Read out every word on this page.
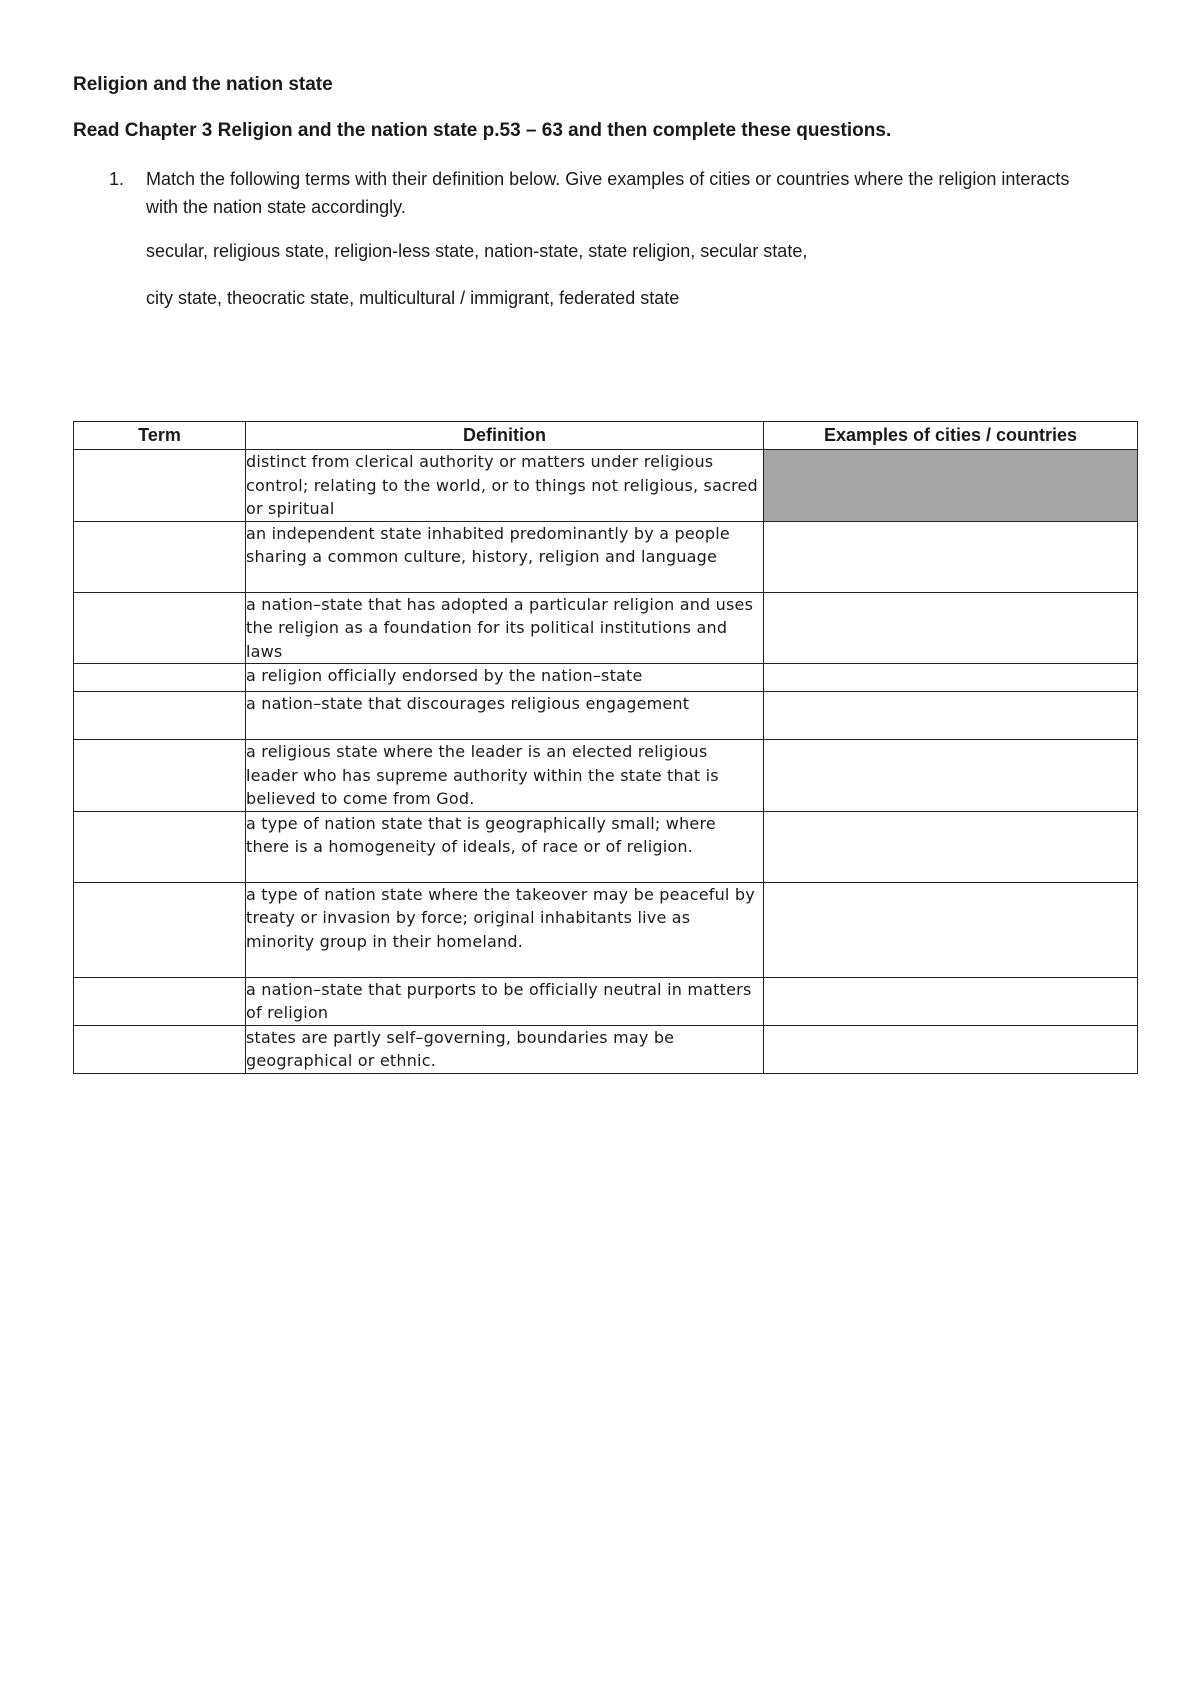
Religion and the nation state
Read Chapter 3 Religion and the nation state p.53 – 63 and then complete these questions.
1. Match the following terms with their definition below. Give examples of cities or countries where the religion interacts with the nation state accordingly.
secular, religious state, religion-less state, nation-state, state religion, secular state,
city state, theocratic state, multicultural / immigrant, federated state
Term	Definition	Examples of cities / countries
	distinct from clerical authority or matters under religious control; relating to the world, or to things not religious, sacred or spiritual	
	an independent state inhabited predominantly by a people sharing a common culture, history, religion and language	
	a nation–state that has adopted a particular religion and uses the religion as a foundation for its political institutions and laws	
	a religion officially endorsed by the nation–state	
	a nation–state that discourages religious engagement	
	a religious state where the leader is an elected religious leader who has supreme authority within the state that is believed to come from God.	
	a type of nation state that is geographically small; where there is a homogeneity of ideals, of race or of religion.	
	a type of nation state where the takeover may be peaceful by treaty or invasion by force; original inhabitants live as minority group in their homeland.	
	a nation–state that purports to be officially neutral in matters of religion	
	states are partly self–governing, boundaries may be geographical or ethnic.	
